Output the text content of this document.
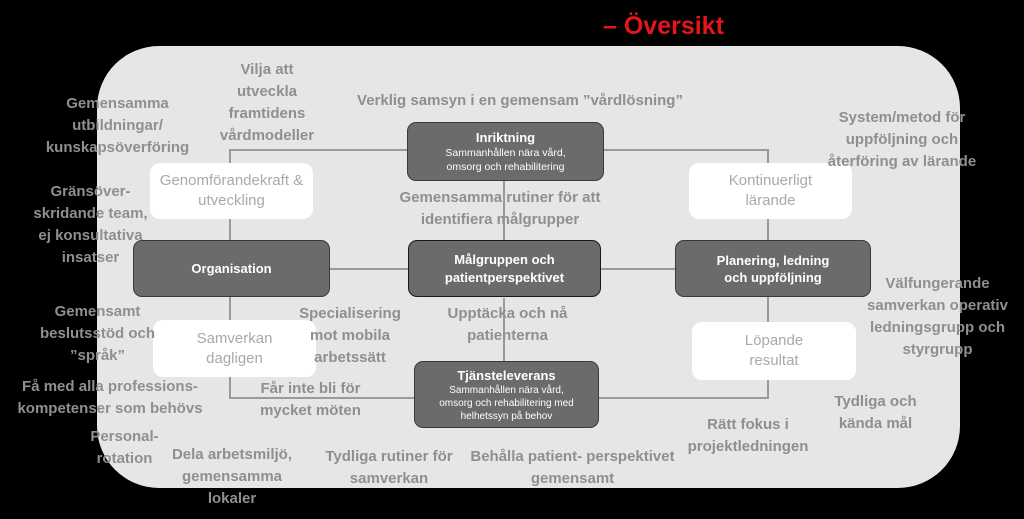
– Översikt
Inriktning
Sammanhållen nära vård, omsorg och rehabilitering
Målgruppen och patientperspektivet
Organisation
Planering, ledning och uppföljning
Tjänsteleverans
Sammanhållen nära vård, omsorg och rehabilitering med helhetssyn på behov
Genomförandekraft & utveckling
Kontinuerligt lärande
Samverkan dagligen
Löpande resultat
Vilja att utveckla framtidens vårdmodeller
Verklig samsyn i en gemensam ”vårdlösning”
Gemensamma utbildningar/ kunskapsöverföring
System/metod för uppföljning och återföring av lärande
Gränsöver- skridande team, ej konsultativa insatser
Gemensamma rutiner för att identifiera målgrupper
Välfungerande samverkan operativ ledningsgrupp och styrgrupp
Gemensamt beslutsstöd och ”språk”
Specialisering mot mobila arbetssätt
Upptäcka och nå patienterna
Få med alla professions- kompetenser som behövs
Får inte bli för mycket möten
Tydliga och kända mål
Rätt fokus i projektledningen
Personal- rotation	Dela arbetsmiljö, gemensamma lokaler
Tydliga rutiner för samverkan
Behålla patient- perspektivet gemensamt
